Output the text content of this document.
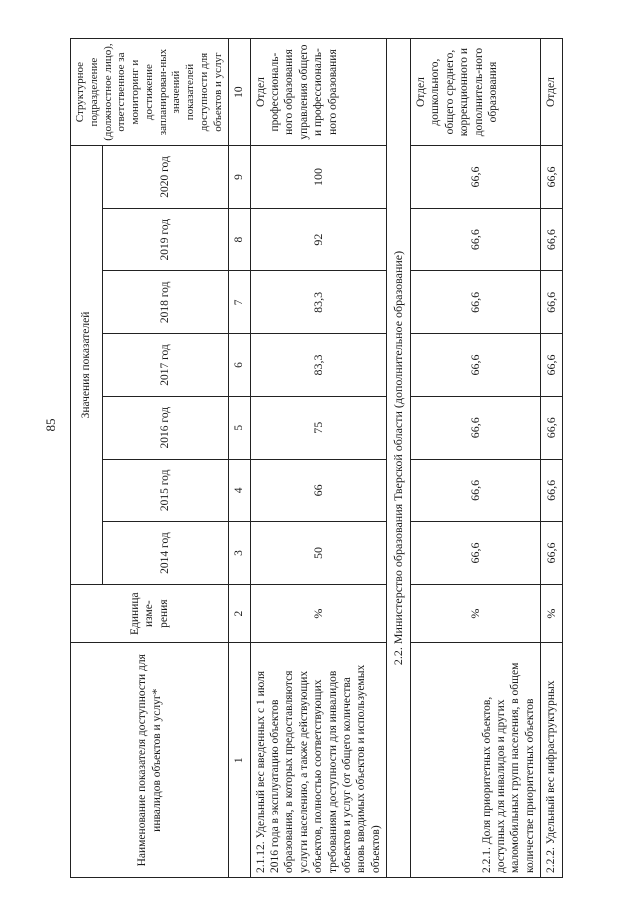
85
Наименование показателя доступности для инвалидов объектов и услуг*	Единица изме-рения	Значения показателей							Структурное подразделение (должностное лицо), ответственное за мониторинг и достижение запланирован-ных значений показателей доступности для объектов и услуг
		2014 год	2015 год	2016 год	2017 год	2018 год	2019 год	2020 год	
1	2	3	4	5	6	7	8	9	10
2.1.12. Удельный вес введенных с 1 июля 2016 года в эксплуатацию объектов образования, в которых предоставляются услуги населению, а также действующих объектов, полностью соответствующих требованиям доступности для инвалидов объектов и услуг (от общего количества вновь вводимых объектов и используемых объектов)	%	50	66	75	83,3	83,3	92	100	Отдел профессиональ-ного образования управления общего и профессиональ-ного образования
2.2. Министерство образования Тверской области (дополнительное образование)									
2.2.1. Доля приоритетных объектов, доступных для инвалидов и других маломобильных групп населения, в общем количестве приоритетных объектов	%	66,6	66,6	66,6	66,6	66,6	66,6	66,6	Отдел дошкольного, общего среднего, коррекционного и дополнитель-ного образования
2.2.2. Удельный вес инфраструктурных	%	66,6	66,6	66,6	66,6	66,6	66,6	66,6	Отдел
